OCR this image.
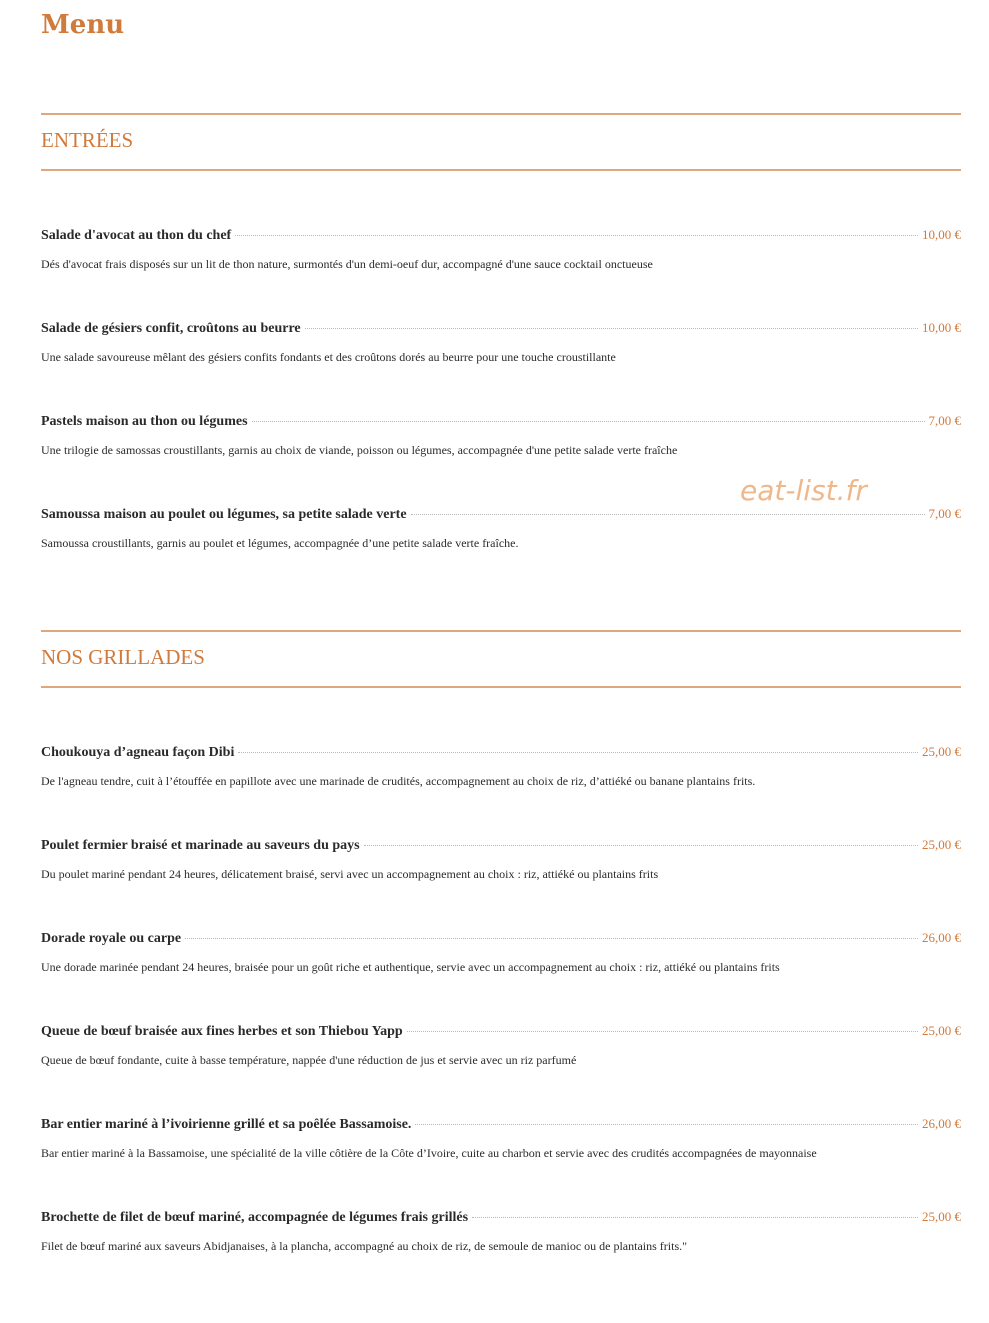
Menu
ENTRÉES
Salade d'avocat au thon du chef	10,00 €
Dés d'avocat frais disposés sur un lit de thon nature, surmontés d'un demi-oeuf dur, accompagné d'une sauce cocktail onctueuse
Salade de gésiers confit, croûtons au beurre	10,00 €
Une salade savoureuse mêlant des gésiers confits fondants et des croûtons dorés au beurre pour une touche croustillante
Pastels maison au thon ou légumes	7,00 €
Une trilogie de samossas croustillants, garnis au choix de viande, poisson ou légumes, accompagnée d'une petite salade verte fraîche
Samoussa maison au poulet ou légumes, sa petite salade verte	7,00 €
Samoussa croustillants, garnis au poulet et légumes, accompagnée d’une petite salade verte fraîche.
NOS GRILLADES
Choukouya d’agneau façon Dibi	25,00 €
De l'agneau tendre, cuit à l’étouffée en papillote avec une marinade de crudités, accompagnement au choix de riz, d’attiéké ou banane plantains frits.
Poulet fermier braisé et marinade au saveurs du pays	25,00 €
Du poulet mariné pendant 24 heures, délicatement braisé, servi avec un accompagnement au choix : riz, attiéké ou plantains frits
Dorade royale ou carpe	26,00 €
Une dorade marinée pendant 24 heures, braisée pour un goût riche et authentique, servie avec un accompagnement au choix : riz, attiéké ou plantains frits
Queue de bœuf braisée aux fines herbes et son Thiebou Yapp	25,00 €
Queue de bœuf fondante, cuite à basse température, nappée d'une réduction de jus et servie avec un riz parfumé
Bar entier mariné à l’ivoirienne grillé et sa poêlée Bassamoise.	26,00 €
Bar entier mariné à la Bassamoise, une spécialité de la ville côtière de la Côte d’Ivoire, cuite au charbon et servie avec des crudités accompagnées de mayonnaise
Brochette de filet de bœuf mariné, accompagnée de légumes frais grillés	25,00 €
Filet de bœuf mariné aux saveurs Abidjanaises, à la plancha, accompagné au choix de riz, de semoule de manioc ou de plantains frits."
eat-list.fr
